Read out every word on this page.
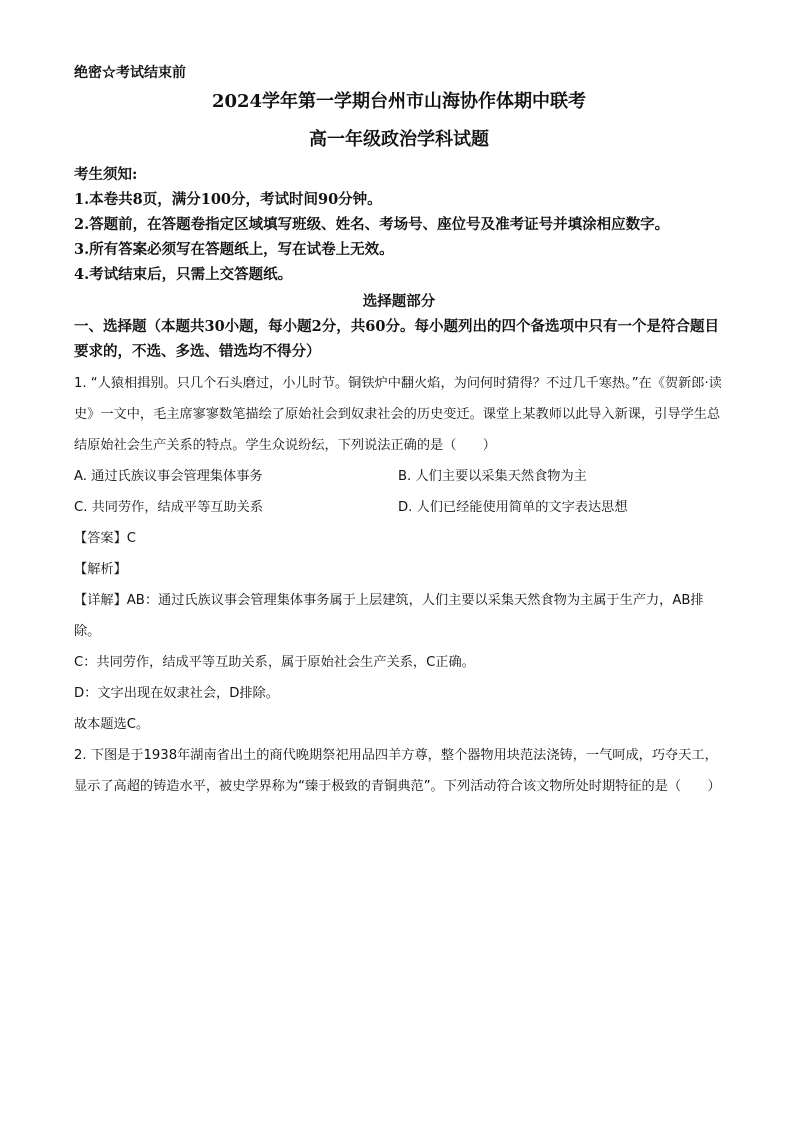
绝密☆考试结束前

2024学年第一学期台州市山海协作体期中联考

高一年级政治学科试题

考生须知:

1.本卷共8页，满分100分，考试时间90分钟。

2.答题前，在答题卷指定区域填写班级、姓名、考场号、座位号及准考证号并填涂相应数字。

3.所有答案必须写在答题纸上，写在试卷上无效。

4.考试结束后，只需上交答题纸。

选择题部分

一、选择题（本题共30小题，每小题2分，共60分。每小题列出的四个备选项中只有一个是符合题目要求的，不选、多选、错选均不得分）

1. “人猿相揖别。只几个石头磨过，小儿时节。铜铁炉中翻火焰，为问何时猜得？不过几千寒热。”在《贺新郎·读史》一文中，毛主席寥寥数笔描绘了原始社会到奴隶社会的历史变迁。课堂上某教师以此导入新课，引导学生总结原始社会生产关系的特点。学生众说纷纭，下列说法正确的是（　　）

A. 通过氏族议事会管理集体事务	B. 人们主要以采集天然食物为主
C. 共同劳作，结成平等互助关系	D. 人们已经能使用简单的文字表达思想

【 答案 】 C

【 解析 】

【 详解 】 AB：通过氏族议事会管理集体事务属于上层建筑，人们主要以采集天然食物为主属于生产力，AB排除。

C：共同劳作，结成平等互助关系，属于原始社会生产关系，C正确。

D：文字出现在奴隶社会，D排除。

故本题选C。

2. 下图是于1938年湖南省出土的商代晚期祭祀用品四羊方尊，整个器物用块范法浇铸，一气呵成，巧夺天工，显示了高超的铸造水平，被史学界称为“臻于极致的青铜典范”。下列活动符合该文物所处时期特征的是（　　）
